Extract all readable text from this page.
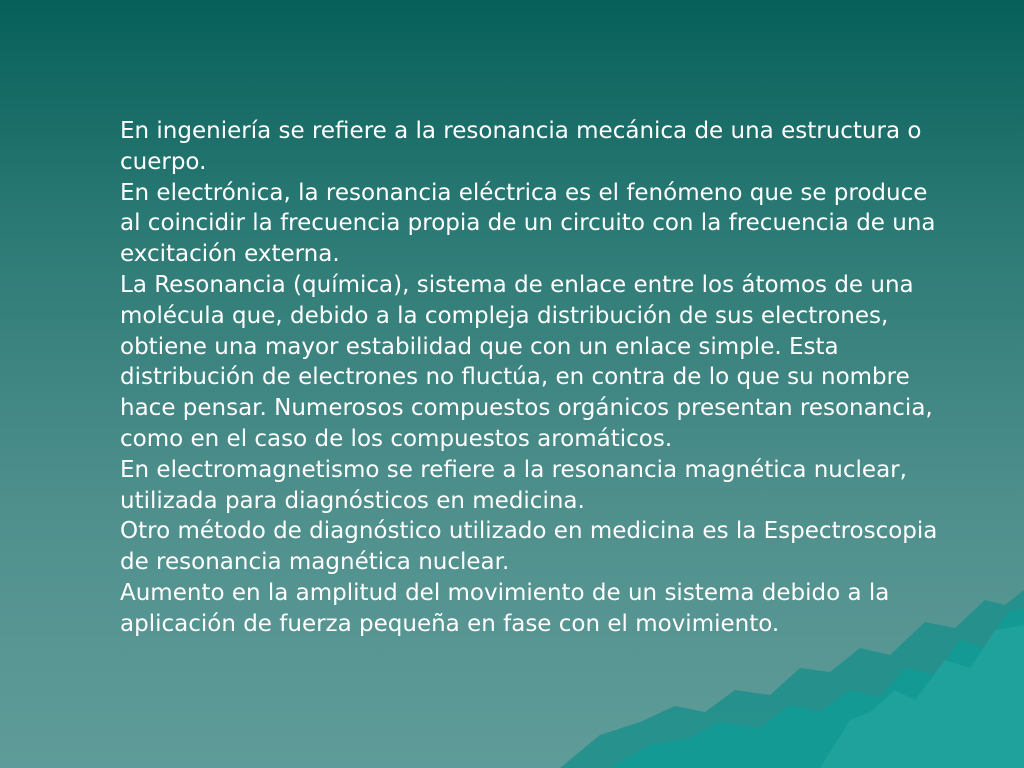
En ingeniería se refiere a la resonancia mecánica de una estructura o cuerpo.

En electrónica, la resonancia eléctrica es el fenómeno que se produce al coincidir la frecuencia propia de un circuito con la frecuencia de una excitación externa.

La Resonancia (química), sistema de enlace entre los átomos de una molécula que, debido a la compleja distribución de sus electrones, obtiene una mayor estabilidad que con un enlace simple. Esta distribución de electrones no fluctúa, en contra de lo que su nombre hace pensar. Numerosos compuestos orgánicos presentan resonancia, como en el caso de los compuestos aromáticos.

En electromagnetismo se refiere a la resonancia magnética nuclear, utilizada para diagnósticos en medicina.

Otro método de diagnóstico utilizado en medicina es la Espectroscopia de resonancia magnética nuclear.

Aumento en la amplitud del movimiento de un sistema debido a la aplicación de fuerza pequeña en fase con el movimiento.
